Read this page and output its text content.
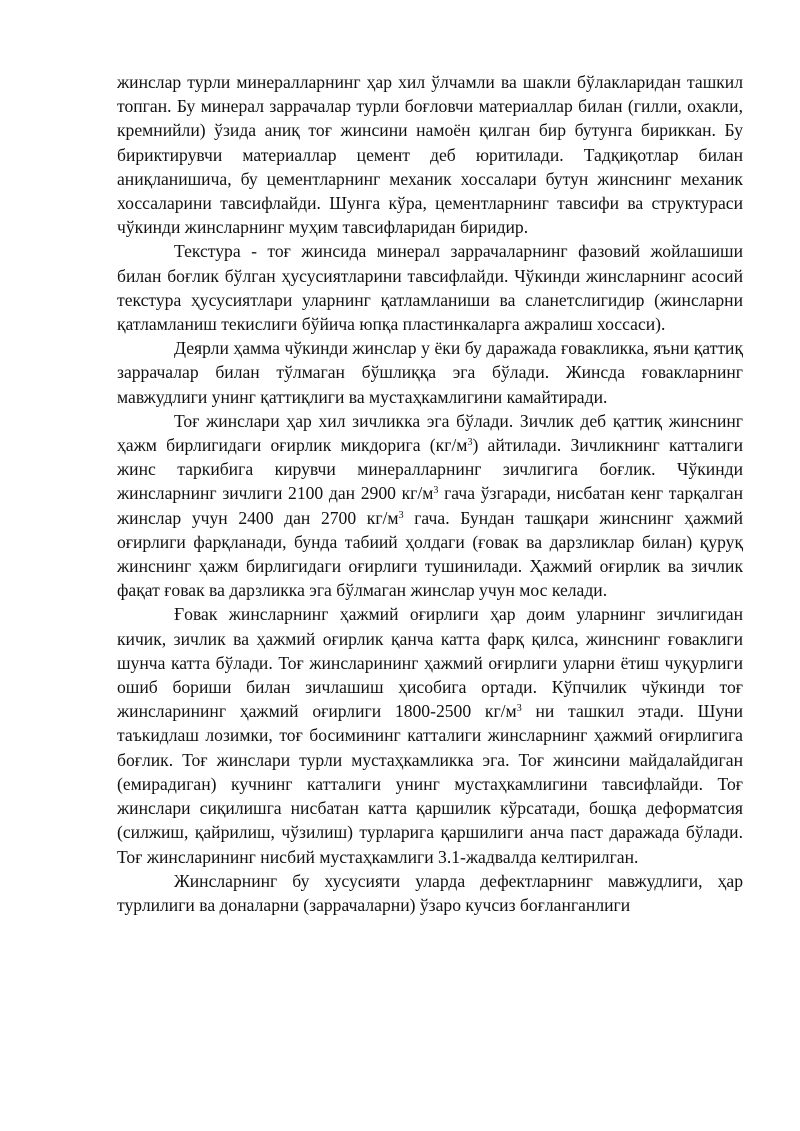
жинслар турли минералларнинг ҳар хил ўлчамли ва шакли бўлакларидан ташкил топган. Бу минерал заррачалар турли боғловчи материаллар билан (гилли, охакли, кремнийли) ўзида аниқ тоғ жинсини намоён қилган бир бутунга бириккан. Бу бириктирувчи материаллар цемент деб юритилади. Тадқиқотлар билан аниқланишича, бу цементларнинг механик хоссалари бутун жинснинг механик хоссаларини тавсифлайди. Шунга кўра, цементларнинг тавсифи ва структураси чўкинди жинсларнинг муҳим тавсифларидан биридир.

Текстура - тоғ жинсида минерал заррачаларнинг фазовий жойлашиши билан боғлик бўлган ҳусусиятларини тавсифлайди. Чўкинди жинсларнинг асосий текстура ҳусусиятлари уларнинг қатламланиши ва сланетслигидир (жинсларни қатламланиш текислиги бўйича юпқа пластинкаларга ажралиш хоссаси).

Деярли ҳамма чўкинди жинслар у ёки бу даражада ғовакликка, яъни қаттиқ заррачалар билан тўлмаган бўшлиққа эга бўлади. Жинсда ғовакларнинг мавжудлиги унинг қаттиқлиги ва мустаҳкамлигини камайтиради.

Тоғ жинслари ҳар хил зичликка эга бўлади. Зичлик деб қаттиқ жинснинг ҳажм бирлигидаги оғирлик микдорига $(кг/м^3)$ айтилади. Зичликнинг катталиги жинс таркибига кирувчи минералларнинг зичлигига боғлик. Чўкинди жинсларнинг зичлиги 2100 дан 2900 $кг/м^3$ гача ўзгаради, нисбатан кенг тарқалган жинслар учун 2400 дан 2700 $кг/м^3$ гача. Бундан ташқари жинснинг ҳажмий оғирлиги фарқланади, бунда табиий ҳолдаги (ғовак ва дарзликлар билан) қуруқ жинснинг ҳажм бирлигидаги оғирлиги тушинилади. Ҳажмий оғирлик ва зичлик фақат ғовак ва дарзликка эга бўлмаган жинслар учун мос келади.

Ғовак жинсларнинг ҳажмий оғирлиги ҳар доим уларнинг зичлигидан кичик, зичлик ва ҳажмий оғирлик қанча катта фарқ қилса, жинснинг ғоваклиги шунча катта бўлади. Тоғ жинсларининг ҳажмий оғирлиги уларни ётиш чуқурлиги ошиб бориши билан зичлашиш ҳисобига ортади. Кўпчилик чўкинди тоғ жинсларининг ҳажмий оғирлиги 1800-2500 $кг/м^3$ ни ташкил этади. Шуни таъкидлаш лозимки, тоғ босимининг катталиги жинсларнинг ҳажмий оғирлигига боғлик. Тоғ жинслари турли мустаҳкамликка эга. Тоғ жинсини майдалайдиган (емирадиган) кучнинг катталиги унинг мустаҳкамлигини тавсифлайди. Тоғ жинслари сиқилишга нисбатан катта қаршилик кўрсатади, бошқа деформатсия (силжиш, қайрилиш, чўзилиш) турларига қаршилиги анча паст даражада бўлади. Тоғ жинсларининг нисбий мустаҳкамлиги 3.1-жадвалда келтирилган.

Жинсларнинг бу хусусияти уларда дефектларнинг мавжудлиги, ҳар турлилиги ва доналарни (заррачаларни) ўзаро кучсиз боғланганлиги
